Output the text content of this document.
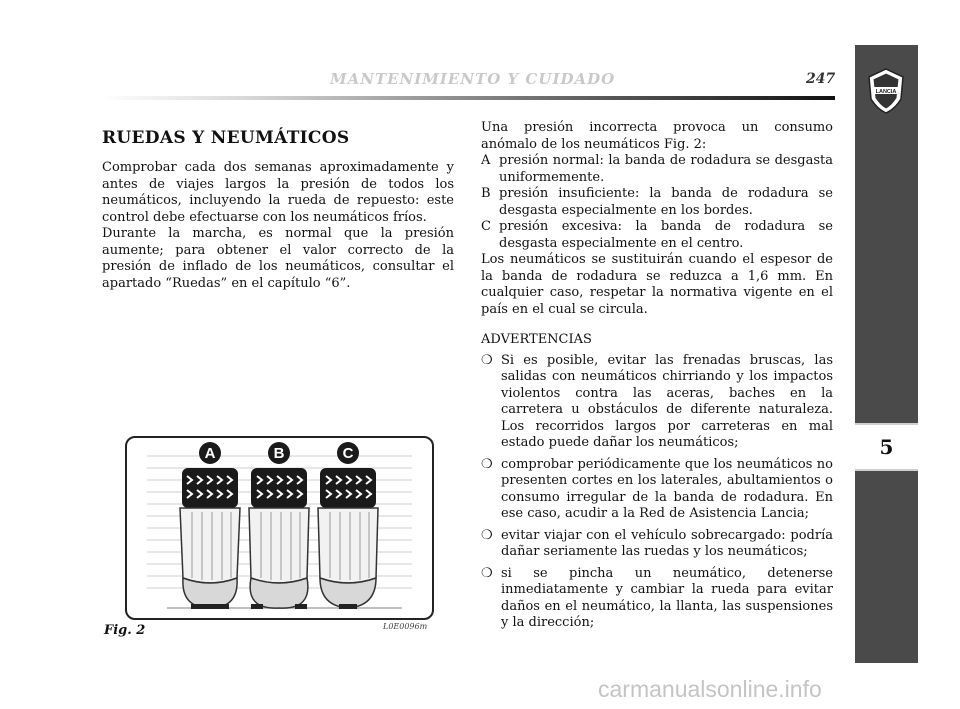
LANCIA
5
MANTENIMIENTO Y CUIDADO	247
RUEDAS Y NEUMÁTICOS

Comprobar cada dos semanas aproximadamente y antes de viajes largos la presión de todos los neumáticos, incluyendo la rueda de repuesto: este control debe efectuarse con los neumáticos fríos.

Durante la marcha, es normal que la presión aumente; para obtener el valor correcto de la presión de inflado de los neumáticos, consultar el apartado “Ruedas” en el capítulo “6”.

Una presión incorrecta provoca un consumo anómalo de los neumáticos Fig. 2:

A presión normal: la banda de rodadura se desgasta uniformemente.
B presión insuficiente: la banda de rodadura se desgasta especialmente en los bordes.
C presión excesiva: la banda de rodadura se desgasta especialmente en el centro.

Los neumáticos se sustituirán cuando el espesor de la banda de rodadura se reduzca a 1,6 mm. En cualquier caso, respetar la normativa vigente en el país en el cual se circula.

ADVERTENCIAS

❍ Si es posible, evitar las frenadas bruscas, las salidas con neumáticos chirriando y los impactos violentos contra las aceras, baches en la carretera u obstáculos de diferente naturaleza. Los recorridos largos por carreteras en mal estado puede dañar los neumáticos;
❍ comprobar periódicamente que los neumáticos no presenten cortes en los laterales, abultamientos o consumo irregular de la banda de rodadura. En ese caso, acudir a la Red de Asistencia Lancia;
❍ evitar viajar con el vehículo sobrecargado: podría dañar seriamente las ruedas y los neumáticos;
❍ si se pincha un neumático, detenerse inmediatamente y cambiar la rueda para evitar daños en el neumático, la llanta, las suspensiones y la dirección;
A	B	C
Fig. 2	L0E0096m
carmanualsonline.info
